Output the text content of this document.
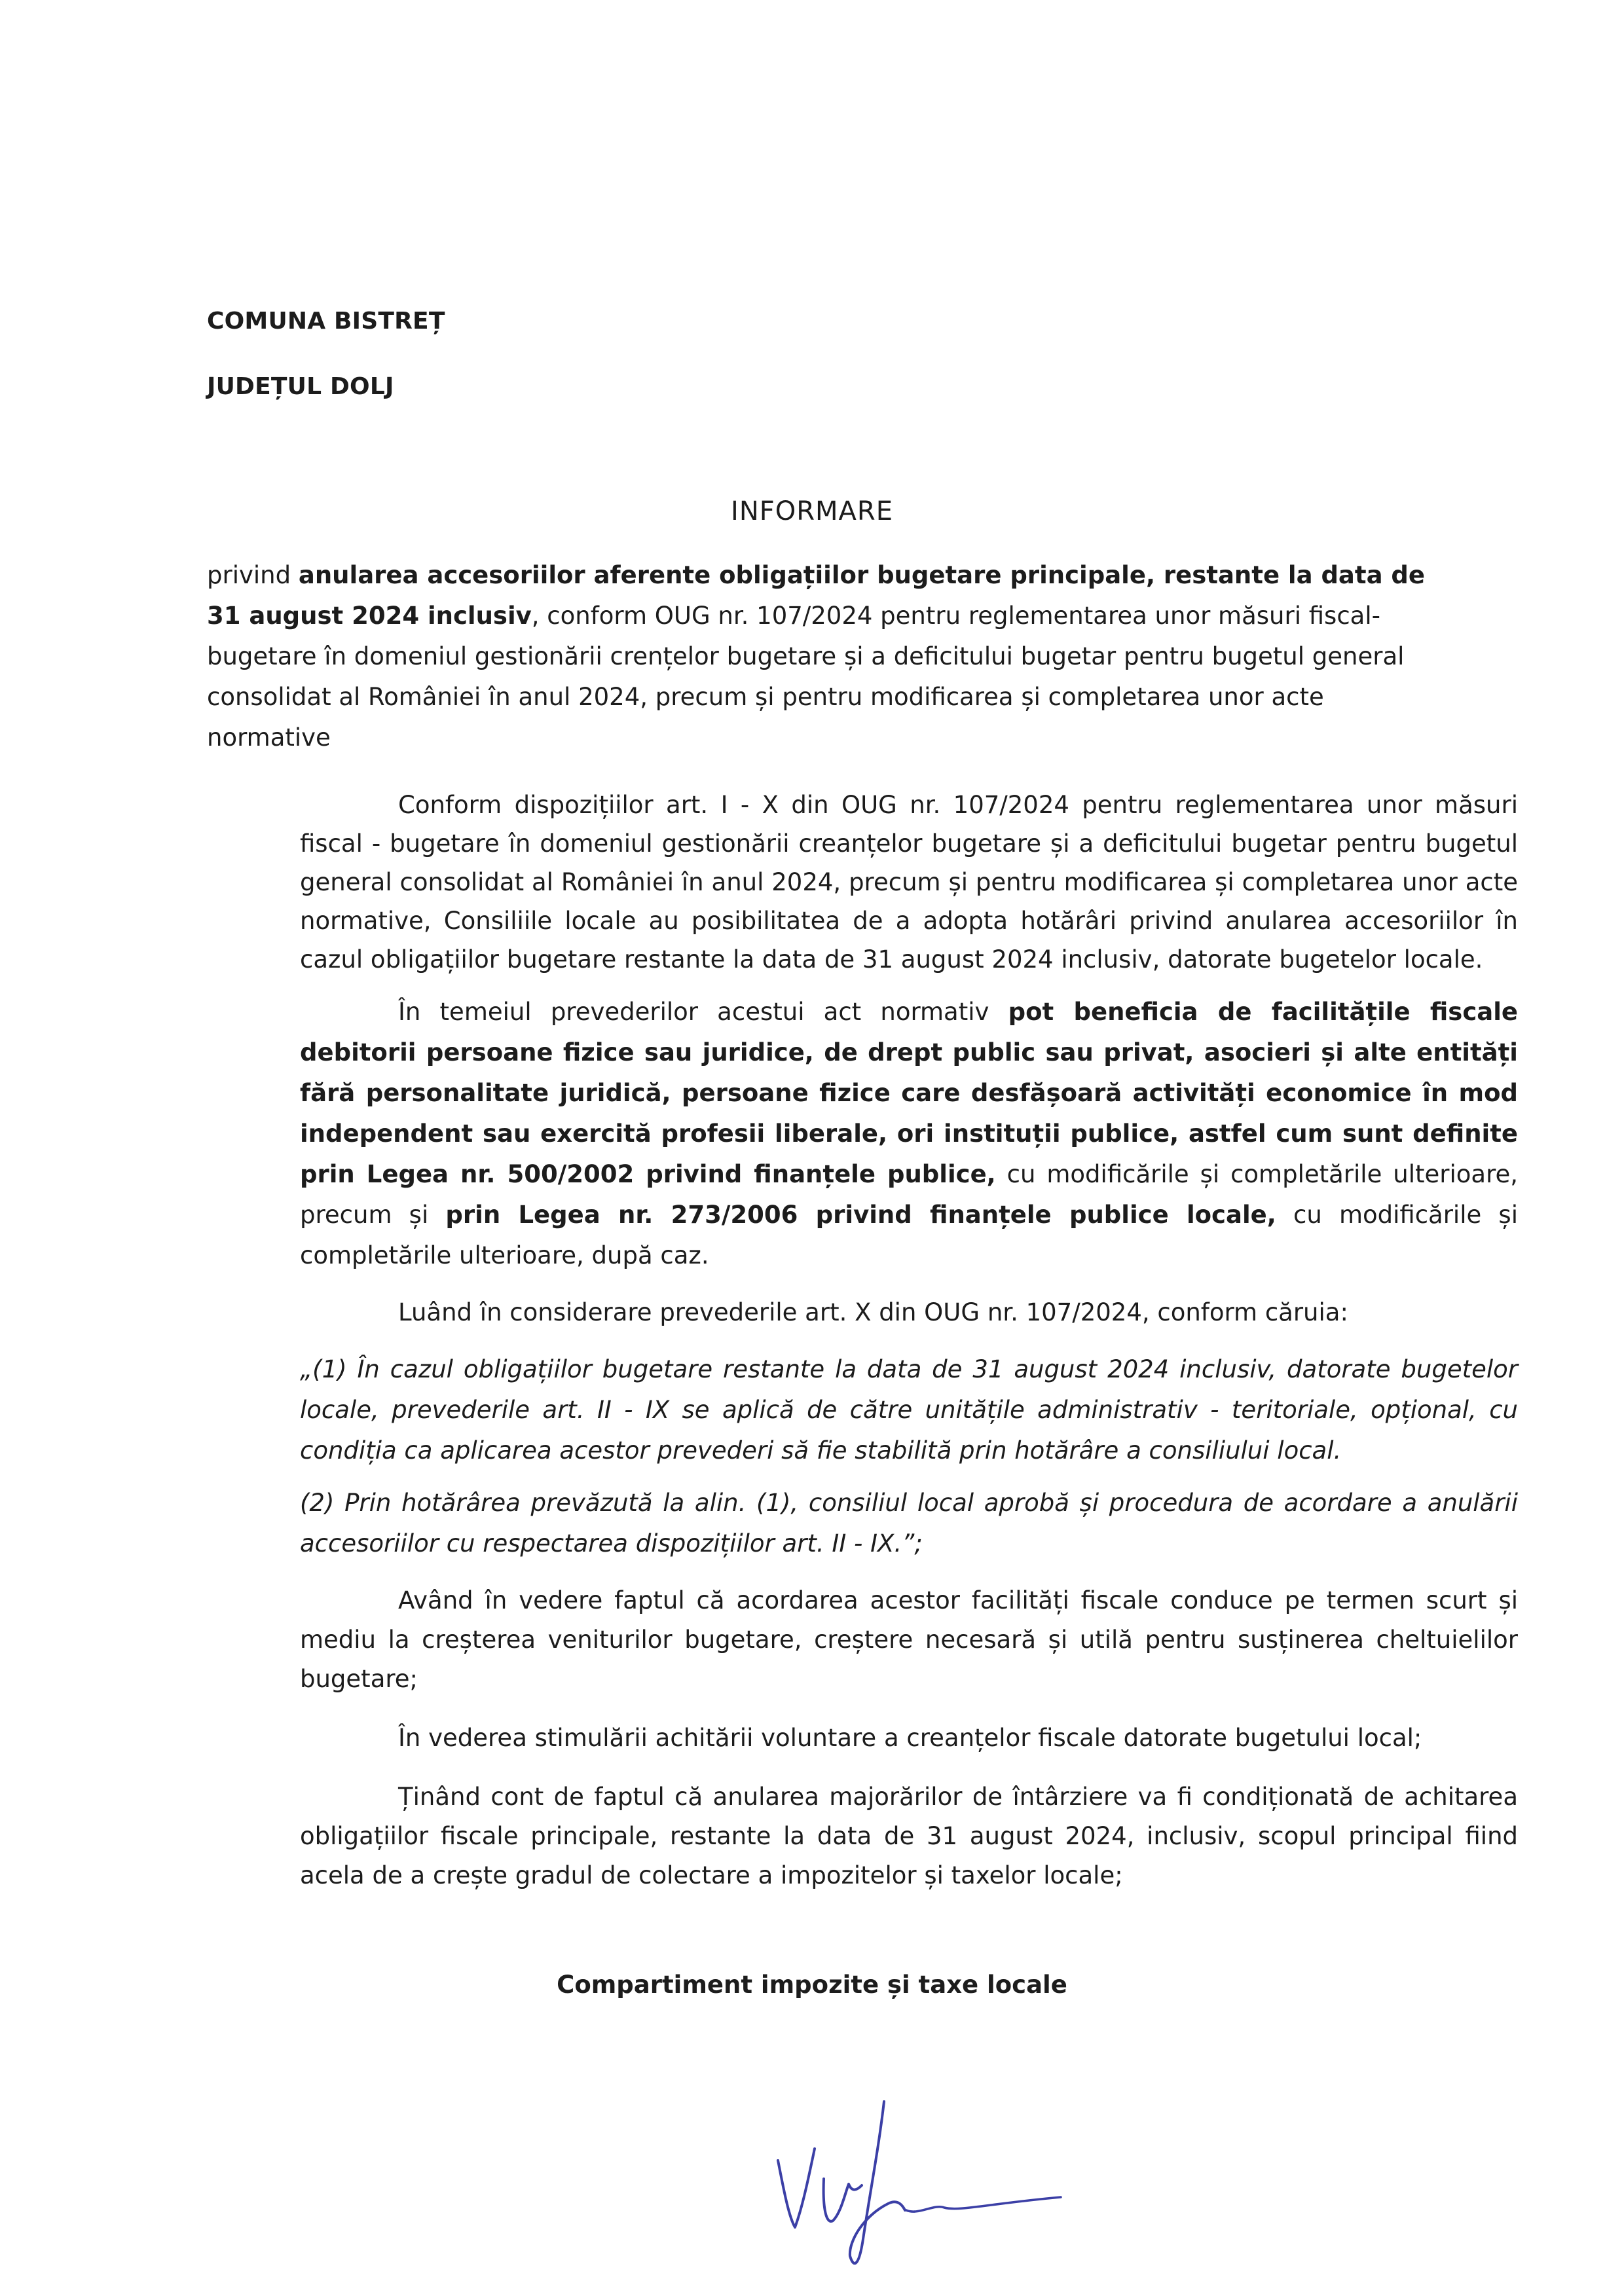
COMUNA BISTREȚ
JUDEȚUL DOLJ
INFORMARE
privind anularea accesoriilor aferente obligațiilor bugetare principale, restante la data de 31 august 2024 inclusiv, conform OUG nr. 107/2024 pentru reglementarea unor măsuri fiscal- bugetare în domeniul gestionării crențelor bugetare și a deficitului bugetar pentru bugetul general consolidat al României în anul 2024, precum și pentru modificarea și completarea unor acte normative

Conform dispozițiilor art. I - X din OUG nr. 107/2024 pentru reglementarea unor măsuri fiscal - bugetare în domeniul gestionării creanțelor bugetare și a deficitului bugetar pentru bugetul general consolidat al României în anul 2024, precum și pentru modificarea și completarea unor acte normative, Consiliile locale au posibilitatea de a adopta hotărâri privind anularea accesoriilor în cazul obligațiilor bugetare restante la data de 31 august 2024 inclusiv, datorate bugetelor locale.

În temeiul prevederilor acestui act normativ pot beneficia de facilitățile fiscale debitorii persoane fizice sau juridice, de drept public sau privat, asocieri și alte entități fără personalitate juridică, persoane fizice care desfășoară activități economice în mod independent sau exercită profesii liberale, ori instituții publice, astfel cum sunt definite prin Legea nr. 500/2002 privind finanțele publice, cu modificările și completările ulterioare, precum și prin Legea nr. 273/2006 privind finanțele publice locale, cu modificările și completările ulterioare, după caz.

Luând în considerare prevederile art. X din OUG nr. 107/2024, conform căruia:

„(1) În cazul obligațiilor bugetare restante la data de 31 august 2024 inclusiv, datorate bugetelor locale, prevederile art. II - IX se aplică de către unitățile administrativ - teritoriale, opțional, cu condiția ca aplicarea acestor prevederi să fie stabilită prin hotărâre a consiliului local.

(2) Prin hotărârea prevăzută la alin. (1), consiliul local aprobă și procedura de acordare a anulării accesoriilor cu respectarea dispozițiilor art. II - IX.”;

Având în vedere faptul că acordarea acestor facilități fiscale conduce pe termen scurt și mediu la creșterea veniturilor bugetare, creștere necesară și utilă pentru susținerea cheltuielilor bugetare;

În vederea stimulării achitării voluntare a creanțelor fiscale datorate bugetului local;

Ținând cont de faptul că anularea majorărilor de întârziere va fi condiționată de achitarea obligațiilor fiscale principale, restante la data de 31 august 2024, inclusiv, scopul principal fiind acela de a crește gradul de colectare a impozitelor și taxelor locale;

Compartiment impozite și taxe locale
